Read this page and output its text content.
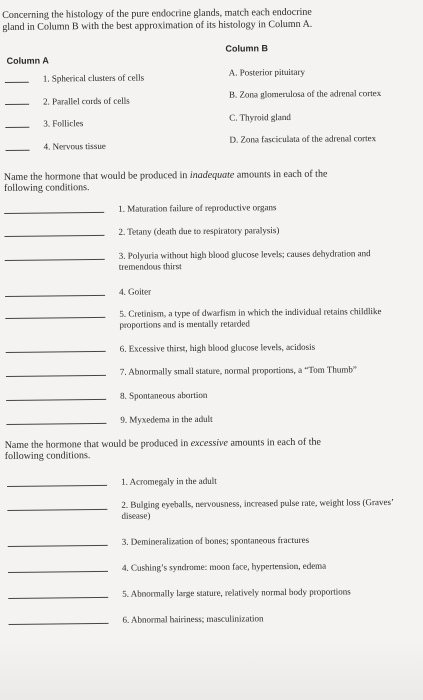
Concerning the histology of the pure endocrine glands, match each endocrine gland in Column B with the best approximation of its histology in Column A.
Column A
Column B
1. Spherical clusters of cells
A. Posterior pituitary
2. Parallel cords of cells
B. Zona glomerulosa of the adrenal cortex
3. Follicles
C. Thyroid gland
4. Nervous tissue
D. Zona fasciculata of the adrenal cortex
Name the hormone that would be produced in inadequate amounts in each of the following conditions.
1. Maturation failure of reproductive organs
2. Tetany (death due to respiratory paralysis)
3. Polyuria without high blood glucose levels; causes dehydration and tremendous thirst
4. Goiter
5. Cretinism, a type of dwarfism in which the individual retains childlike proportions and is mentally retarded
6. Excessive thirst, high blood glucose levels, acidosis
7. Abnormally small stature, normal proportions, a “Tom Thumb”
8. Spontaneous abortion
9. Myxedema in the adult
Name the hormone that would be produced in excessive amounts in each of the following conditions.
1. Acromegaly in the adult
2. Bulging eyeballs, nervousness, increased pulse rate, weight loss (Graves’ disease)
3. Demineralization of bones; spontaneous fractures
4. Cushing’s syndrome: moon face, hypertension, edema
5. Abnormally large stature, relatively normal body proportions
6. Abnormal hairiness; masculinization
